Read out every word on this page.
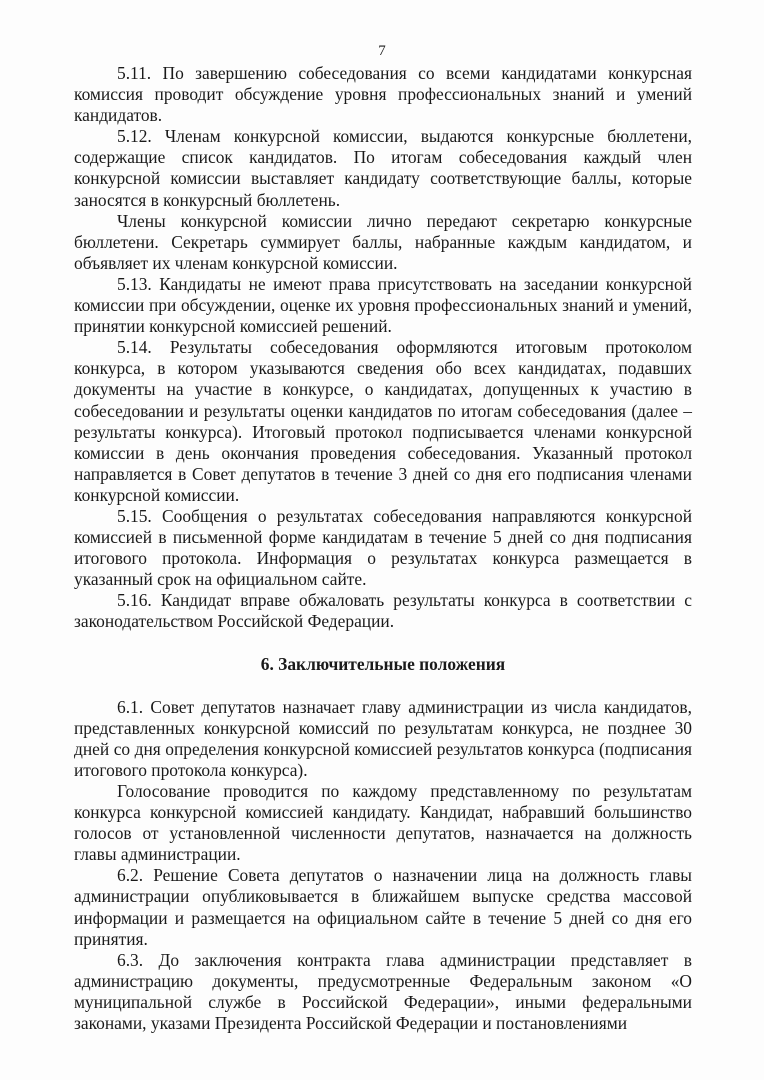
7

5.11. По завершению собеседования со всеми кандидатами конкурсная комиссия проводит обсуждение уровня профессиональных знаний и умений кандидатов.

5.12. Членам конкурсной комиссии, выдаются конкурсные бюллетени, содержащие список кандидатов. По итогам собеседования каждый член конкурсной комиссии выставляет кандидату соответствующие баллы, которые заносятся в конкурсный бюллетень.

Члены конкурсной комиссии лично передают секретарю конкурсные бюллетени. Секретарь суммирует баллы, набранные каждым кандидатом, и объявляет их членам конкурсной комиссии.

5.13. Кандидаты не имеют права присутствовать на заседании конкурсной комиссии при обсуждении, оценке их уровня профессиональных знаний и умений, принятии конкурсной комиссией решений.

5.14. Результаты собеседования оформляются итоговым протоколом конкурса, в котором указываются сведения обо всех кандидатах, подавших документы на участие в конкурсе, о кандидатах, допущенных к участию в собеседовании и результаты оценки кандидатов по итогам собеседования (далее – результаты конкурса). Итоговый протокол подписывается членами конкурсной комиссии в день окончания проведения собеседования. Указанный протокол направляется в Совет депутатов в течение 3 дней со дня его подписания членами конкурсной комиссии.

5.15. Сообщения о результатах собеседования направляются конкурсной комиссией в письменной форме кандидатам в течение 5 дней со дня подписания итогового протокола. Информация о результатах конкурса размещается в указанный срок на официальном сайте.

5.16. Кандидат вправе обжаловать результаты конкурса в соответствии с законодательством Российской Федерации.

6. Заключительные положения

6.1. Совет депутатов назначает главу администрации из числа кандидатов, представленных конкурсной комиссий по результатам конкурса, не позднее 30 дней со дня определения конкурсной комиссией результатов конкурса (подписания итогового протокола конкурса).

Голосование проводится по каждому представленному по результатам конкурса конкурсной комиссией кандидату. Кандидат, набравший большинство голосов от установленной численности депутатов, назначается на должность главы администрации.

6.2. Решение Совета депутатов о назначении лица на должность главы администрации опубликовывается в ближайшем выпуске средства массовой информации и размещается на официальном сайте в течение 5 дней со дня его принятия.

6.3. До заключения контракта глава администрации представляет в администрацию документы, предусмотренные Федеральным законом «О муниципальной службе в Российской Федерации», иными федеральными законами, указами Президента Российской Федерации и постановлениями
